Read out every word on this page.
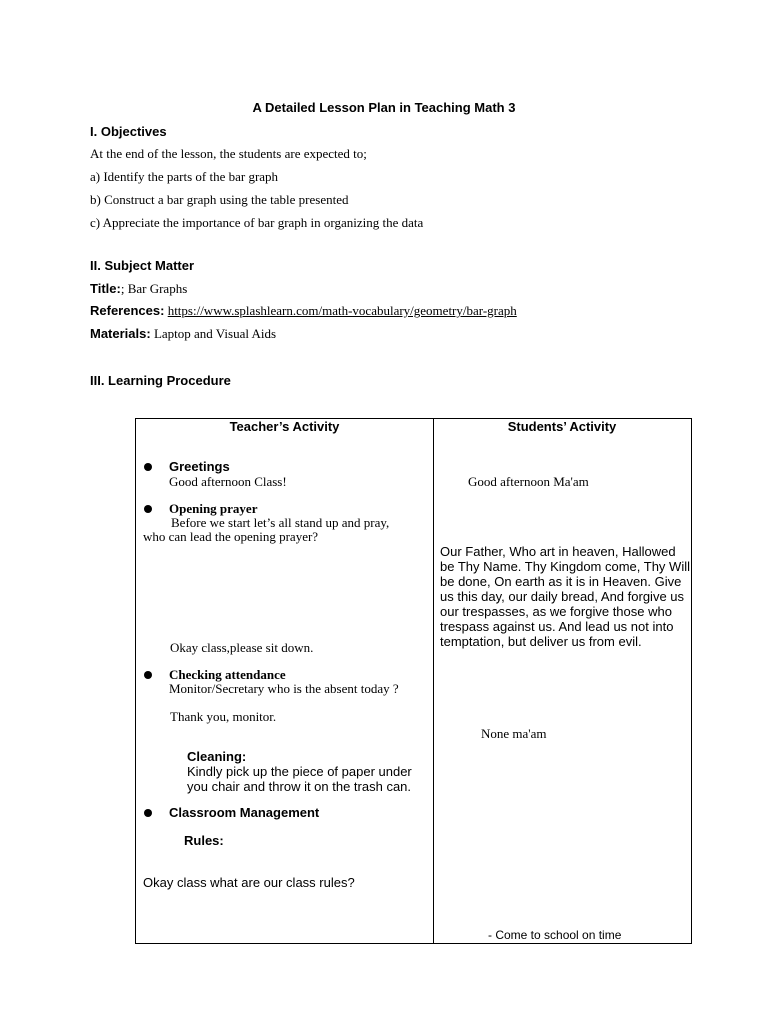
A Detailed Lesson Plan in Teaching Math 3
I. Objectives
At the end of the lesson, the students are expected to;
a) Identify the parts of the bar graph
b) Construct a bar graph using the table presented
c) Appreciate the importance of bar graph in organizing the data
II. Subject Matter
Title:; Bar Graphs
References: https://www.splashlearn.com/math-vocabulary/geometry/bar-graph
Materials: Laptop and Visual Aids
III. Learning Procedure
Teacher’s Activity	Students’ Activity
Greetings
Good afternoon Class!
Opening prayer
Before we start let’s all stand up and pray,
who can lead the opening prayer?
Okay class,please sit down.
Checking attendance
Monitor/Secretary who is the absent today ?
Thank you, monitor.
Cleaning:
Kindly pick up the piece of paper under you chair and throw it on the trash can.
Classroom Management
Rules:
Okay class what are our class rules?
Good afternoon Ma'am
Our Father, Who art in heaven, Hallowed be Thy Name. Thy Kingdom come, Thy Will be done, On earth as it is in Heaven. Give us this day, our daily bread, And forgive us our trespasses, as we forgive those who trespass against us. And lead us not into temptation, but deliver us from evil.
None ma'am
- Come to school on time
